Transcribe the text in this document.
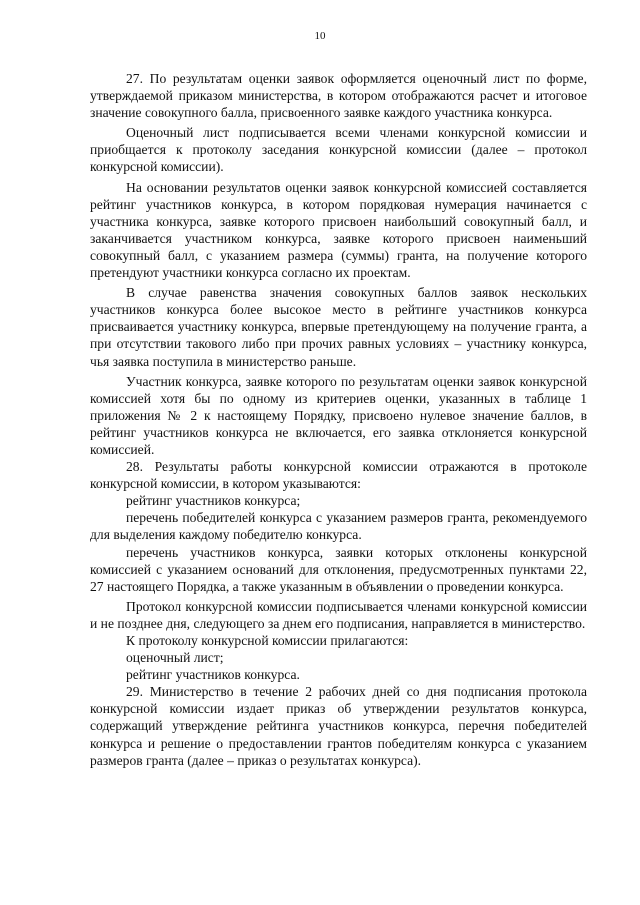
10

27. По результатам оценки заявок оформляется оценочный лист по форме, утверждаемой приказом министерства, в котором отображаются расчет и итоговое значение совокупного балла, присвоенного заявке каждого участника конкурса.

Оценочный лист подписывается всеми членами конкурсной комиссии и приобщается к протоколу заседания конкурсной комиссии (далее – протокол конкурсной комиссии).

На основании результатов оценки заявок конкурсной комиссией составляется рейтинг участников конкурса, в котором порядковая нумерация начинается с участника конкурса, заявке которого присвоен наибольший совокупный балл, и заканчивается участником конкурса, заявке которого присвоен наименьший совокупный балл, с указанием размера (суммы) гранта, на получение которого претендуют участники конкурса согласно их проектам.

В случае равенства значения совокупных баллов заявок нескольких участников конкурса более высокое место в рейтинге участников конкурса присваивается участнику конкурса, впервые претендующему на получение гранта, а при отсутствии такового либо при прочих равных условиях – участнику конкурса, чья заявка поступила в министерство раньше.

Участник конкурса, заявке которого по результатам оценки заявок конкурсной комиссией хотя бы по одному из критериев оценки, указанных в таблице 1 приложения № 2 к настоящему Порядку, присвоено нулевое значение баллов, в рейтинг участников конкурса не включается, его заявка отклоняется конкурсной комиссией.

28. Результаты работы конкурсной комиссии отражаются в протоколе конкурсной комиссии, в котором указываются:

рейтинг участников конкурса;

перечень победителей конкурса с указанием размеров гранта, рекомендуемого для выделения каждому победителю конкурса.

перечень участников конкурса, заявки которых отклонены конкурсной комиссией с указанием оснований для отклонения, предусмотренных пунктами 22, 27 настоящего Порядка, а также указанным в объявлении о проведении конкурса.

Протокол конкурсной комиссии подписывается членами конкурсной комиссии и не позднее дня, следующего за днем его подписания, направляется в министерство.

К протоколу конкурсной комиссии прилагаются:

оценочный лист;

рейтинг участников конкурса.

29. Министерство в течение 2 рабочих дней со дня подписания протокола конкурсной комиссии издает приказ об утверждении результатов конкурса, содержащий утверждение рейтинга участников конкурса, перечня победителей конкурса и решение о предоставлении грантов победителям конкурса с указанием размеров гранта (далее – приказ о результатах конкурса).
